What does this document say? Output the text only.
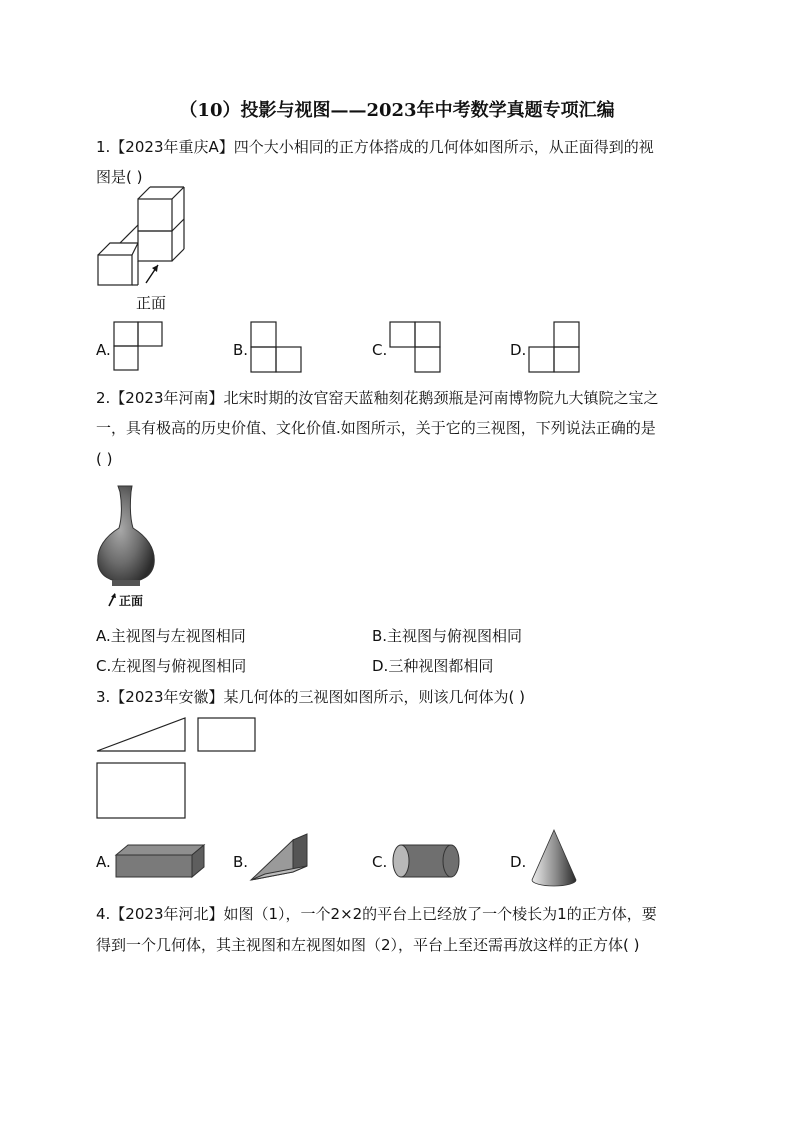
（10）投影与视图——2023年中考数学真题专项汇编
1.【2023年重庆A】四个大小相同的正方体搭成的几何体如图所示，从正面得到的视
图是( )
正面
A.	B.	C.	D.
2.【2023年河南】北宋时期的汝官窑天蓝釉刻花鹅颈瓶是河南博物院九大镇院之宝之
一，具有极高的历史价值、文化价值.如图所示，关于它的三视图，下列说法正确的是
( )
正面
A.主视图与左视图相同	B.主视图与俯视图相同
C.左视图与俯视图相同	D.三种视图都相同
3.【2023年安徽】某几何体的三视图如图所示，则该几何体为( )
A.	B.	C.	D.
4.【2023年河北】如图（1），一个2×2的平台上已经放了一个棱长为1的正方体，要
得到一个几何体，其主视图和左视图如图（2），平台上至还需再放这样的正方体( )
